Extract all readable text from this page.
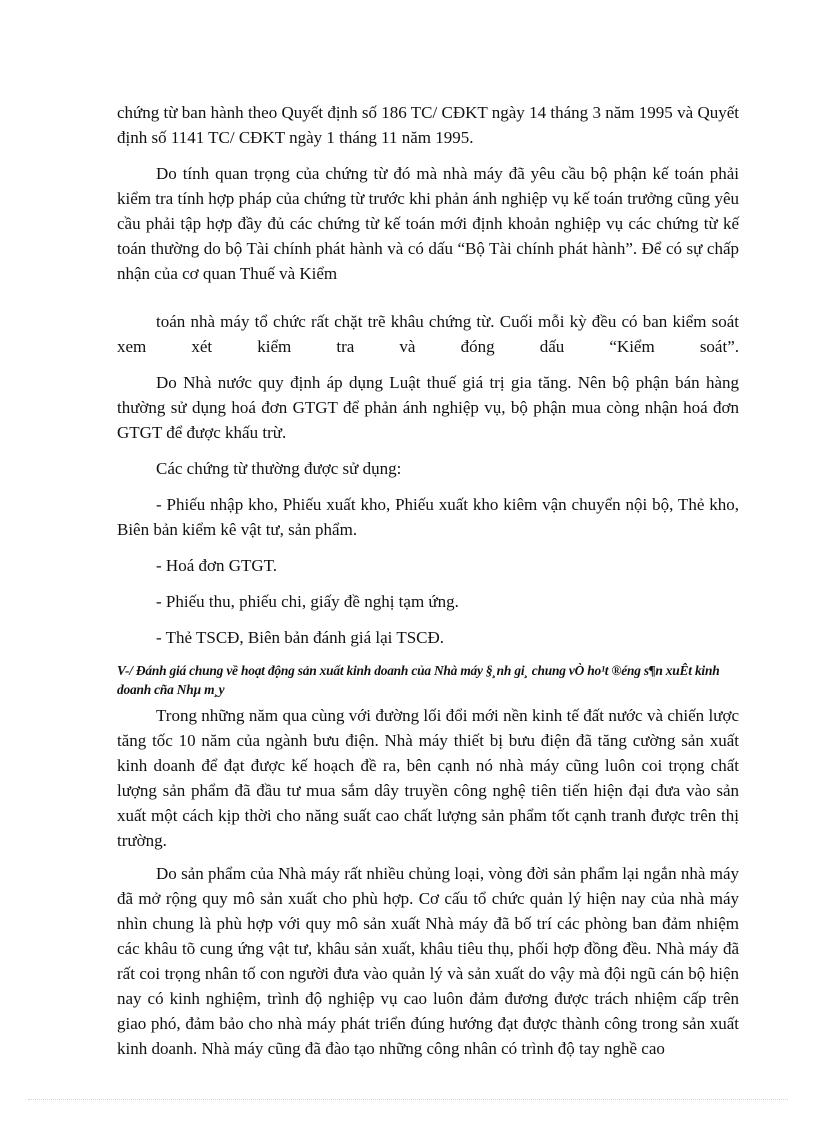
chứng từ ban hành theo Quyết định số 186 TC/ CĐKT ngày 14 tháng 3 năm 1995 và Quyết định số 1141 TC/ CĐKT ngày 1 tháng 11 năm 1995.

Do tính quan trọng của chứng từ đó mà nhà máy đã yêu cầu bộ phận kế toán phải kiểm tra tính hợp pháp của chứng từ trước khi phản ánh nghiệp vụ kế toán trưởng cũng yêu cầu phải tập hợp đầy đủ các chứng từ kế toán mới định khoản nghiệp vụ các chứng từ kế toán thường do bộ Tài chính phát hành và có dấu “Bộ Tài chính phát hành”. Để có sự chấp nhận của cơ quan Thuế và Kiểm

toán nhà máy tổ chức rất chặt trẽ khâu chứng từ. Cuối mỗi kỳ đều có ban kiểm soát xem xét kiểm tra và đóng dấu “Kiểm soát”.

Do Nhà nước quy định áp dụng Luật thuế giá trị gia tăng. Nên bộ phận bán hàng thường sử dụng hoá đơn GTGT để phản ánh nghiệp vụ, bộ phận mua còng nhận hoá đơn GTGT để được khấu trừ.

Các chứng từ thường được sử dụng:

- Phiếu nhập kho, Phiếu xuất kho, Phiếu xuất kho kiêm vận chuyển nội bộ, Thẻ kho, Biên bản kiểm kê vật tư, sản phẩm.

- Hoá đơn GTGT.

- Phiếu thu, phiếu chi, giấy đề nghị tạm ứng.

- Thẻ TSCĐ, Biên bản đánh giá lại TSCĐ.

V-/ Đánh giá chung về hoạt động sản xuất kinh doanh của Nhà máy §¸nh gi¸ chung vÒ ho¹t ®éng s¶n xuÊt kinh doanh cña Nhµ m¸y

Trong những năm qua cùng với đường lối đổi mới nền kinh tế đất nước và chiến lược tăng tốc 10 năm của ngành bưu điện. Nhà máy thiết bị bưu điện đã tăng cường sản xuất kinh doanh để đạt được kế hoạch đề ra, bên cạnh nó nhà máy cũng luôn coi trọng chất lượng sản phẩm đã đầu tư mua sắm dây truyền công nghệ tiên tiến hiện đại đưa vào sản xuất một cách kịp thời cho năng suất cao chất lượng sản phẩm tốt cạnh tranh được trên thị trường.

Do sản phẩm của Nhà máy rất nhiều chủng loại, vòng đời sản phẩm lại ngắn nhà máy đã mở rộng quy mô sản xuất cho phù hợp. Cơ cấu tổ chức quản lý hiện nay của nhà máy nhìn chung là phù hợp với quy mô sản xuất Nhà máy đã bố trí các phòng ban đảm nhiệm các khâu tõ cung ứng vật tư, khâu sản xuất, khâu tiêu thụ, phối hợp đồng đều. Nhà máy đã rất coi trọng nhân tố con người đưa vào quản lý và sản xuất do vậy mà đội ngũ cán bộ hiện nay có kinh nghiệm, trình độ nghiệp vụ cao luôn đảm đương được trách nhiệm cấp trên giao phó, đảm bảo cho nhà máy phát triển đúng hướng đạt được thành công trong sản xuất kinh doanh. Nhà máy cũng đã đào tạo những công nhân có trình độ tay nghề cao
